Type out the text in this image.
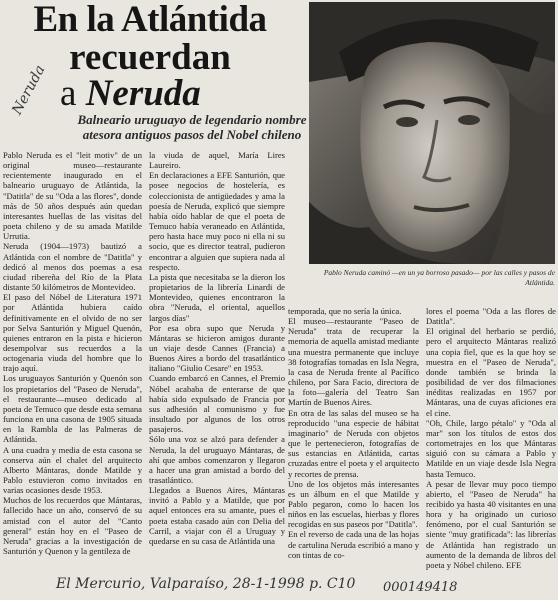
En la Atlántida
recuerdan
a Neruda
Neruda
Balneario uruguayo de legendario nombre atesora antiguos pasos del Nobel chileno
Pablo Neruda caminó —en un ya borroso pasado— por las calles y pasos de Atlántida.
Pablo Neruda es el "leit motiv" de un original museo—restaurante recientemente inaugurado en el balneario uruguayo de Atlántida, la "Datitla" de su "Oda a las flores", donde más de 50 años después aún quedan interesantes huellas de las visitas del poeta chileno y de su amada Matilde Urrutia.
Neruda (1904—1973) bautizó a Atlántida con el nombre de "Datitla" y dedicó al menos dos poemas a esa ciudad ribereña del Río de la Plata distante 50 kilómetros de Montevideo.
El paso del Nóbel de Literatura 1971 por Atlántida hubiera caído definitivamente en el olvido de no ser por Selva Santurión y Miguel Quenón, quienes entraron en la pista e hicieron desempolvar sus recuerdos a la octogenaria viuda del hombre que lo trajo aquí.
Los uruguayos Santurión y Quenón son los propietarios del "Paseo de Neruda", el restaurante—museo dedicado al poeta de Temuco que desde esta semana funciona en una casona de 1905 situada en la Rambla de las Palmeras de Atlántida.
A una cuadra y media de esta casona se conserva aún el chalet del arquitecto Alberto Mántaras, donde Matilde y Pablo estuvieron como invitados en varias ocasiones desde 1953.
Muchos de los recuerdos que Mántaras, fallecido hace un año, conservó de su amistad con el autor del "Canto general" están hoy en el "Paseo de Neruda" gracias a la investigación de Santurión y Quenon y la gentileza de
la viuda de aquel, María Lires Laureiro.
En declaraciones a EFE Santurión, que posee negocios de hostelería, es coleccionista de antigüedades y ama la poesía de Neruda, explicó que siempre había oído hablar de que el poeta de Temuco había veraneado en Atlántida, pero hasta hace muy poco ni ella ni su socio, que es director teatral, pudieron encontrar a alguien que supiera nada al respecto.
La pista que necesitaba se la dieron los propietarios de la librería Linardi de Montevideo, quienes encontraron la obra "Neruda, el oriental, aquellos largos días"
Por esa obra supo que Neruda y Mántaras se hicieron amigos durante un viaje desde Cannes (Francia) a Buenos Aires a bordo del trasatlántico italiano "Giulio Cesare" en 1953.
Cuando embarcó en Cannes, el Premio Nóbel acababa de enterarse de que había sido expulsado de Francia por sus adhesión al comunismo y fue insultado por algunos de los otros pasajeros.
Sólo una voz se alzó para defender a Neruda, la del uruguayo Mántaras, de ahí que ambos comenzaron y llegaron a hacer una gran amistad a bordo del trasatlántico.
Llegados a Buenos Aires, Mántaras invitó a Pablo y a Matilde, que por aquel entonces era su amante, pues el poeta estaba casado aún con Delia del Carril, a viajar con él a Uruguay y quedarse en su casa de Atlántida una
temporada, que no sería la única.
El museo—restaurante "Paseo de Neruda" trata de recuperar la memoria de aquella amistad mediante una muestra permanente que incluye 38 fotografías tomadas en Isla Negra, la casa de Neruda frente al Pacífico chileno, por Sara Facio, directora de la foto—galería del Teatro San Martín de Buenos Aires.
En otra de las salas del museo se ha reproducido "una especie de hábitat imaginario" de Neruda con objetos que le pertenecieron, fotografías de sus estancias en Atlántida, cartas cruzadas entre el poeta y el arquitecto y recortes de prensa.
Uno de los objetos más interesantes es un álbum en el que Matilde y Pablo pegaron, como lo hacen los niños en las escuelas, hierbas y flores recogidas en sus paseos por "Datitla".
En el reverso de cada una de las hojas de cartulina Neruda escribió a mano y con tintas de co-
lores el poema "Oda a las flores de Datitla".
El original del herbario se perdió, pero el arquitecto Mántaras realizó una copia fiel, que es la que hoy se muestra en el "Paseo de Neruda", donde también se brinda la posibilidad de ver dos filmaciones inéditas realizadas en 1957 por Mántaras, una de cuyas aficiones era el cine.
"Oh, Chile, largo pétalo" y "Oda al mar" son los títulos de estos dos cortometrajes en los que Mántaras siguió con su cámara a Pablo y Matilde en un viaje desde Isla Negra hasta Temuco.
A pesar de llevar muy poco tiempo abierto, el "Paseo de Neruda" ha recibido ya hasta 40 visitantes en una hora y ha originado un curioso fenómeno, por el cual Santurión se siente "muy gratificada": las librerías de Atlántida han registrado un aumento de la demanda de libros del poeta y Nóbel chileno. EFE
El Mercurio, Valparaíso, 28-1-1998 p. C10 000149418
